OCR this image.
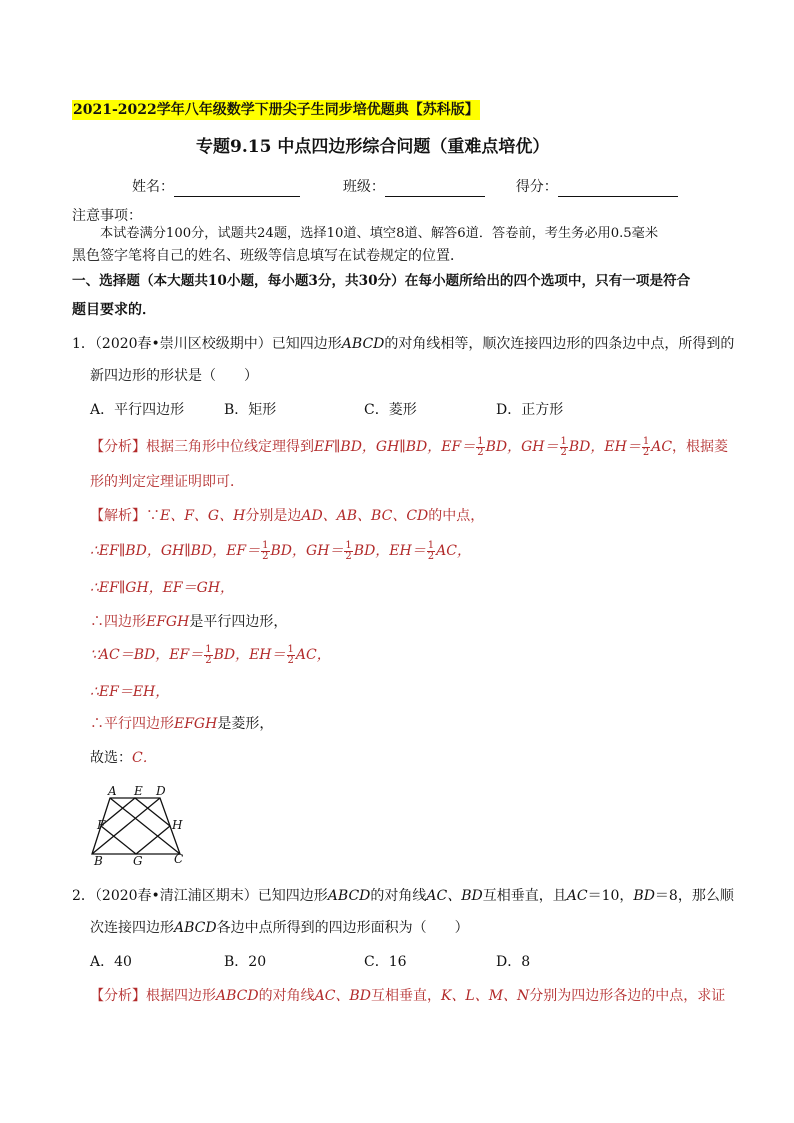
2021-2022学年八年级数学下册尖子生同步培优题典【苏科版】
专题9.15 中点四边形综合问题（重难点培优）
姓名：	班级：	得分：
注意事项：
本试卷满分100分，试题共24题，选择10道、填空8道、解答6道．答卷前，考生务必用0.5毫米
黑色签字笔将自己的姓名、班级等信息填写在试卷规定的位置．
一、选择题（本大题共10小题，每小题3分，共30分）在每小题所给出的四个选项中，只有一项是符合
题目要求的．
1．（2020春•崇川区校级期中）已知四边形ABCD的对角线相等，顺次连接四边形的四条边中点，所得到的
新四边形的形状是（　　）
A．平行四边形	B．矩形	C．菱形	D．正方形
【分析】根据三角形中位线定理得到EF∥BD，GH∥BD，$EF= \frac{1}{2}$ BD，$GH= \frac{1}{2}$ BD，$EH= \frac{1}{2}$ AC，根据菱
形的判定定理证明即可．
【解析】∵E、F、G、H分别是边AD、AB、BC、CD的中点，
∴EF∥BD，GH∥BD，$EF= \frac{1}{2}$ BD，$GH= \frac{1}{2}$ BD，$EH= \frac{1}{2}$ AC，
∴EF∥GH，EF＝GH，
∴四边形EFGH是平行四边形，
∵AC＝BD，$EF= \frac{1}{2}$ BD，$EH= \frac{1}{2}$ AC，
∴EF＝EH，
∴平行四边形EFGH是菱形，
故选：C．
A E D
F	H
B	G	C
2．（2020春•清江浦区期末）已知四边形ABCD的对角线AC、BD互相垂直，且AC＝10，BD＝8，那么顺
次连接四边形ABCD各边中点所得到的四边形面积为（　　）
A．40	B．20	C．16	D．8
【分析】根据四边形ABCD的对角线AC、BD互相垂直，K、L、M、N分别为四边形各边的中点，求证
